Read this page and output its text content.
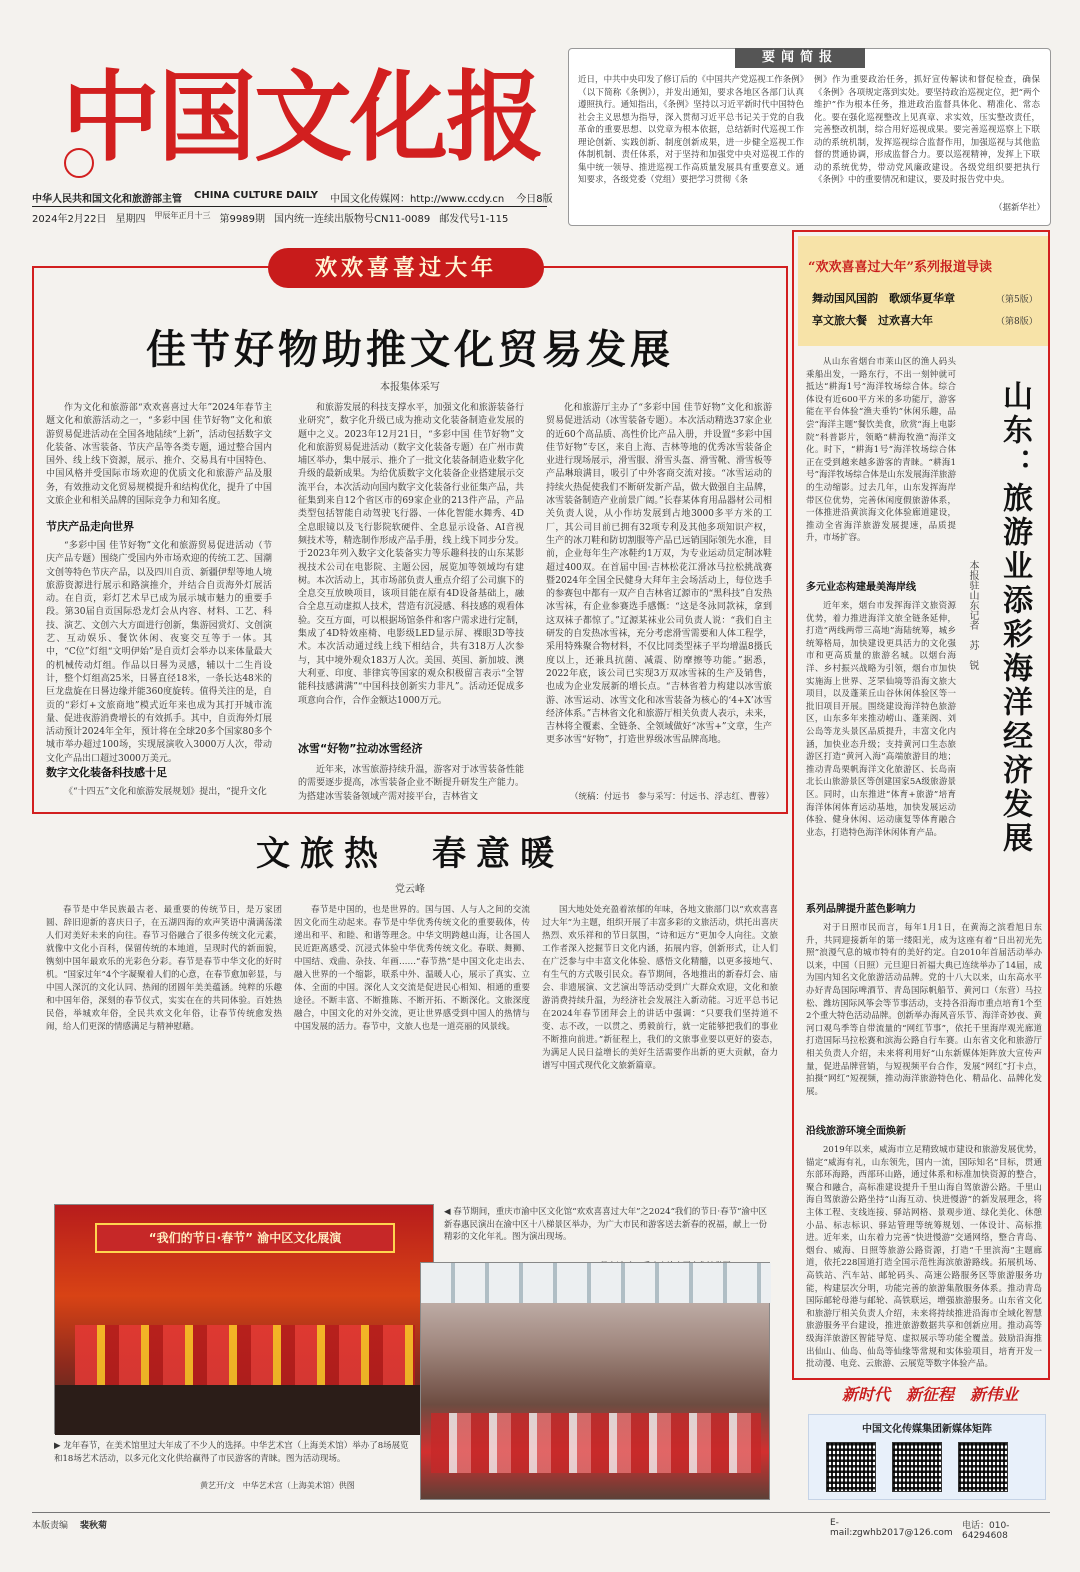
中国文化报
中华人民共和国文化和旅游部主管 CHINA CULTURE DAILY 中国文化传媒网：http://www.ccdy.cn 今日8版
2024年2月22日 星期四 甲辰年正月十三 第9989期 国内统一连续出版物号CN11-0089 邮发代号1-115
要闻简报
近日，中共中央印发了修订后的《中国共产党巡视工作条例》（以下简称《条例》），并发出通知，要求各地区各部门认真遵照执行。通知指出，《条例》坚持以习近平新时代中国特色社会主义思想为指导，深入贯彻习近平总书记关于党的自我革命的重要思想、以党章为根本依据，总结新时代巡视工作理论创新、实践创新、制度创新成果，进一步健全巡视工作体制机制、责任体系，对于坚持和加强党中央对巡视工作的集中统一领导、推进巡视工作高质量发展具有重要意义。通知要求，各级党委（党组）要把学习贯彻《条
例》作为重要政治任务，抓好宣传解读和督促检查，确保《条例》各项规定落到实处。要坚持政治巡视定位，把“两个维护”作为根本任务，推进政治监督具体化、精准化、常态化。要在强化巡视整改上见真章、求实效，压实整改责任，完善整改机制，综合用好巡视成果。要完善巡视巡察上下联动的系统机制，发挥巡视综合监督作用，加强巡视与其他监督的贯通协调，形成监督合力。要以巡视精神，发挥上下联动的系统优势，带动党风廉政建设。各级党组织要把执行《条例》中的重要情况和建议，要及时报告党中央。
（据新华社）
欢欢喜喜过大年
佳节好物助推文化贸易发展
本报集体采写
作为文化和旅游部“欢欢喜喜过大年”2024年春节主题文化和旅游活动之一，“多彩中国 佳节好物”文化和旅游贸易促进活动在全国各地陆续“上新”，活动包括数字文化装备、冰雪装备、节庆产品等各类专题，通过整合国内国外、线上线下资源，展示、推介、交易具有中国特色、中国风格并受国际市场欢迎的优质文化和旅游产品及服务，有效推动文化贸易规模提升和结构优化，提升了中国文旅企业和相关品牌的国际竞争力和知名度。
节庆产品走向世界
“多彩中国 佳节好物”文化和旅游贸易促进活动（节庆产品专题）围绕广受国内外市场欢迎的传统工艺、国潮文创等特色节庆产品，以及四川自贡、新疆伊犁等地人境旅游资源进行展示和路演推介，并结合自贡海外灯展活动。在自贡，彩灯艺术早已成为展示城市魅力的重要手段。第30届自贡国际恐龙灯会从内容、材料、工艺、科技、演艺、文创六大方面进行创新，集游园赏灯、文创演艺、互动娱乐、餐饮休闲、夜宴交互等于一体。其中，“C位”灯组“文明伊始”是自贡灯会举办以来体量最大的机械传动灯组。作品以日晷为灵感，辅以十二生肖设计，整个灯组高25米，日晷直径18米，一条长达48米的巨龙盘旋在日晷边缘并能360度旋转。值得关注的是，自贡的“彩灯+文旅商地”模式近年来也成为其打开城市流量、促进夜游消费增长的有效抓手。其中，自贡海外灯展活动预计2024年全年，预计将在全球20多个国家80多个城市举办超过100场，实现展演收入3000万人次，带动文化产品出口超过3000万美元。
数字文化装备科技感十足
《“十四五”文化和旅游发展规划》提出，“提升文化
和旅游发展的科技支撑水平，加强文化和旅游装备行业研究”，数字化升级已成为推动文化装备制造业发展的题中之义。2023年12月21日，“多彩中国 佳节好物”文化和旅游贸易促进活动（数字文化装备专题）在广州市黄埔区举办，集中展示、推介了一批文化装备制造业数字化升级的最新成果。为给优质数字文化装备企业搭建展示交流平台，本次活动向国内数字文化装备行业征集产品，共征集到来自12个省区市的69家企业的213件产品，产品类型包括智能自动驾驶飞行器、一体化智能水舞秀、4D全息眼镜以及飞行影院软硬件、全息显示设备、AI音视频技术等，精选制作形成产品手册，线上线下同步分发。于2023年列入数字文化装备实力等乐趣科技的山东某影视技术公司在电影院、主题公园，展览加等领域均有建树。本次活动上，其市场部负责人重点介绍了公司旗下的全息交互放映项目，该项目能在原有4D设备基础上，融合全息互动虚拟人技术，营造有沉浸感、科技感的观看体验。交互方面，可以根据场馆条件和客户需求进行定制，集成了4D特效座椅、电影级LED显示屏、裸眼3D等技术。本次活动通过线上线下相结合，共有318万人次参与，其中境外观众183万人次。美国、英国、新加坡、澳大利亚、印度、菲律宾等国家的观众积极留言表示“全智能科技感满满”“中国科技创新实力非凡”。活动还促成多项意向合作，合作金额达1000万元。
冰雪“好物”拉动冰雪经济
近年来，冰雪旅游持续升温，游客对于冰雪装备性能的需要逐步提高，冰雪装备企业不断提升研发生产能力。为搭建冰雪装备领域产需对接平台，吉林省文
化和旅游厅主办了“多彩中国 佳节好物”文化和旅游贸易促进活动（冰雪装备专题）。本次活动精选37家企业的近60个高品质、高性价比产品入册，并设置“多彩中国 佳节好物”专区，来自上海、吉林等地的优秀冰雪装备企业进行现场展示，滑雪服、滑雪头盔、滑雪靴、滑雪板等产品琳琅满目，吸引了中外客商交流对接。“冰雪运动的持续火热促使我们不断研发新产品，做大做强自主品牌，冰雪装备制造产业前景广阔。”长春某体育用品器材公司相关负责人说，从小作坊发展到占地3000多平方米的工厂，其公司目前已拥有32项专利及其他多项知识产权，生产的冰刀鞋和防切割服等产品已远销国际领先水准，目前，企业每年生产冰鞋约1万双，为专业运动员定制冰鞋超过400双。在首届中国·吉林松花江滑冰马拉松挑战赛暨2024年全国全民健身大拜年主会场活动上，每位选手的参赛包中都有一双产自吉林省辽源市的“黑科技”自发热冰雪袜，有企业参赛选手感慨：“这是冬泳同款袜，拿到这双袜子都惊了。”辽源某袜业公司负责人说：“我们自主研发的自发热冰雪袜，充分考虑滑雪需要和人体工程学，采用特殊聚合物材料，不仅比同类型袜子平均增温8摄氏度以上，还兼具抗菌、减震、防摩擦等功能。”据悉，2022年底，该公司已实现3万双冰雪袜的生产及销售，也成为企业发展新的增长点。“吉林省着力构建以冰雪旅游、冰雪运动、冰雪文化和冰雪装备为核心的‘4+X’冰雪经济体系。”吉林省文化和旅游厅相关负责人表示，未来，吉林将全覆素、全链条、全领域做好“冰雪+”文章，生产更多冰雪“好物”，打造世界级冰雪品牌高地。
（统稿：付远书　参与采写：付远书、浮志红、曹蓉）
文旅热　春意暖
党云峰
春节是中华民族最古老、最重要的传统节日，是万家团圆、辞旧迎新的喜庆日子，在五湖四海的欢声笑语中满满荡漾人们对美好未来的向往。春节习俗融合了很多传统文化元素，就像中文化小百科，保留传统的本地道，呈现时代的新面貌，镌刻中国年最欢乐的光彩色分彩。春节是春节中华文化的好时机。“国家过年”4个字凝聚着人们的心意，在春节愈加彰显，与中国人深沉的文化认同、热闹的团圆年美美蕴涵。纯粹的乐趣和中国年俗，深刻的春节仪式，实实在在的共同体验。百姓热民俗，举城欢年俗，全民共欢文化年俗，让春节传统愈发热闹，给人们更深的情感满足与精神慰藉。
春节是中国的，也是世界的。国与国、人与人之间的交流因文化而生动起来。春节是中华优秀传统文化的重要载体，传递出和平、和睦、和谐等理念。中华文明跨越山海，让各国人民近距离感受、沉浸式体验中华优秀传统文化。春联、舞狮、中国结、戏曲、杂技、年画……“春节热”是中国文化走出去、融入世界的一个缩影，联系中外、温暖人心，展示了真实、立体、全面的中国。深化人文交流是促进民心相知、相通的重要途径。不断丰富、不断推陈、不断开拓、不断深化。文旅深度融合，中国文化的对外交流，更让世界感受到中国人的热情与中国发展的活力。春节中，文旅人也是一道亮丽的风景线。
国大地处处充盈着浓郁的年味，各地文旅部门以“欢欢喜喜过大年”为主题，组织开展了丰富多彩的文旅活动，烘托出喜庆热烈、欢乐祥和的节日氛围，“诗和远方”更加令人向往。文旅工作者深入挖掘节日文化内涵，拓展内容，创新形式，让人们在广泛参与中丰富文化体验、感悟文化精髓，以更多接地气、有生气的方式吸引民众。春节期间，各地推出的新春灯会、庙会、非遗展演、文艺演出等活动受到广大群众欢迎，文化和旅游消费持续升温，为经济社会发展注入新动能。习近平总书记在2024年春节团拜会上的讲话中强调：“只要我们坚持道不变、志不改，一以贯之、勇毅前行，就一定能够把我们的事业不断推向前进。”新征程上，我们的文旅事业要以更好的姿态，为满足人民日益增长的美好生活需要作出新的更大贡献，奋力谱写中国式现代化文旅新篇章。
“我们的节日·春节” 渝中区文化展演
◀ 春节期间，重庆市渝中区文化馆“欢欢喜喜过大年”之2024“我们的节日·春节”渝中区新春惠民演出在渝中区十八梯景区举办，为广大市民和游客送去新春的祝福，献上一份精彩的文化年礼。图为演出现场。
▶ 龙年春节，在美术馆里过大年成了不少人的选择。中华艺术宫（上海美术馆）举办了8场展览和18场艺术活动，以多元化文化供给赢得了市民游客的青睐。图为活动现场。
黄艺开/文　中华艺术宫（上海美术馆）供图
“欢欢喜喜过大年”系列报道导读
舞动国风国韵　歌颂华夏华章	（第5版）
享文旅大餐　过欢喜大年	（第8版）
山东：旅游业添彩海洋经济发展
本报驻山东记者　苏　锐
从山东省烟台市莱山区的渔人码头乘船出发，一路东行，不出一刻钟就可抵达“耕海1号”海洋牧场综合体。综合体设有近600平方米的多功能厅，游客能在平台体验“渔夫垂钓”休闲乐趣，品尝“海洋主题”餐饮美食，欣赏“海上电影院”科普影片，领略“耕海牧渔”海洋文化。时下，“耕海1号”海洋牧场综合体正在受到越来越多游客的青睐。“耕海1号”海洋牧场综合体是山东发展海洋旅游的生动缩影。过去几年，山东发挥海岸带区位优势，完善休闲度假旅游体系，一体推进沿黄滨海文化体验廊道建设，推动全省海洋旅游发展提速，品质提升，市场扩容。
多元业态构建最美海岸线
近年来，烟台市发挥海洋文旅资源优势，着力推进海洋文旅全链条延伸，打造“两线两带三高地”海陆统筹，城乡统筹格局，加快建设更具活力的文化强市和更高质量的旅游名城。以烟台海洋、乡村振兴战略为引领，烟台市加快实施海上世界、芝罘仙境等沿海文旅大项目，以及蓬莱丘山谷休闲体验区等一批旧项目开展。围绕建设海洋特色旅游区，山东多年来推动崂山、蓬莱阁、刘公岛等龙头景区品质提升，丰富文化内涵，加快业态升级；支持黄河口生态旅游区打造“黄河入海”高端旅游目的地；推动青岛栗帆海洋文化旅游区、长岛南北长山旅游景区等创建国家5A级旅游景区。同时，山东推进“体育+旅游”培育海洋体闲体育运动基地，加快发展运动体验、健身休闲、运动康复等体育融合业态，打造特色海洋休闲体育产品。
系列品牌提升蓝色影响力
对于日照市民而言，每年1月1日，在黄海之滨看旭日东升，共同迎接新年的第一缕阳光，成为这座有着“日出初光先照”浪漫气息的城市特有的美好约定。自2010年首届活动举办以来，中国（日照）元旦迎日祈福大典已连续举办了14届，成为国内知名文化旅游活动品牌。党的十八大以来，山东高水平办好青岛国际啤酒节、青岛国际帆船节、黄河口（东营）马拉松、潍坊国际风筝会等节事活动，支持各沿海市重点培育1个至2个重大特色活动品牌。创新举办海风音乐节、海洋奇妙夜、黄河口观鸟季等自带流量的“网红节事”，依托千里海岸观光廊道打造国际马拉松赛和滨海公路自行车赛。山东省文化和旅游厅相关负责人介绍，未来将利用好“山东新媒体矩阵放大宣传声量，促进品牌营销，与短视频平台合作，发展“网红”打卡点，拍摄“网红”短视频，推动海洋旅游特色化、精品化、品牌化发展。
沿线旅游环境全面焕新
2019年以来，威海市立足精致城市建设和旅游发展优势，锚定“威海有礼，山东领先，国内一流，国际知名”目标，贯通东部环海路，西部环山路，通过体系和标准加快资源的整合，聚合和融合，高标准建设提升千里山海自驾旅游公路。千里山海自驾旅游公路坐持“山海互动、快进慢游”的新发展理念，将主体工程、支线连接、驿站网格、景观步道、绿化美化、休憩小品、标志标识、驿站管理等统筹规划、一体设计、高标推进。近年来，山东着力完善“快进慢游”交通网络，整合青岛、烟台、威海、日照等旅游公路资源，打造“千里滨海”主题廊道，依托228国道打造全国示范性海滨旅游路线。拓展机场、高铁站、汽车站、邮轮码头、高速公路服务区等旅游服务功能，构建层次分明，功能完善的旅游集散服务体系。推动青岛国际邮轮母港与邮轮、高铁联运，增强旅游服务。山东省文化和旅游厅相关负责人介绍，未来将持续推进沿海市全域化智慧旅游服务平台建设，推进旅游数据共享和创新应用。推动高等级海洋旅游区智能导览、虚拟展示等功能全覆盖。鼓励沿海推出仙山、仙岛、仙岛等仙缘等常规和实体验项目，培育开发一批动漫、电竞、云旅游、云展览等数字体验产品。
新时代　新征程　新伟业
中国文化传媒集团新媒体矩阵
本版责编 裴秋菊	E-mail:zgwhb2017@126.com
电话：010-64294608
